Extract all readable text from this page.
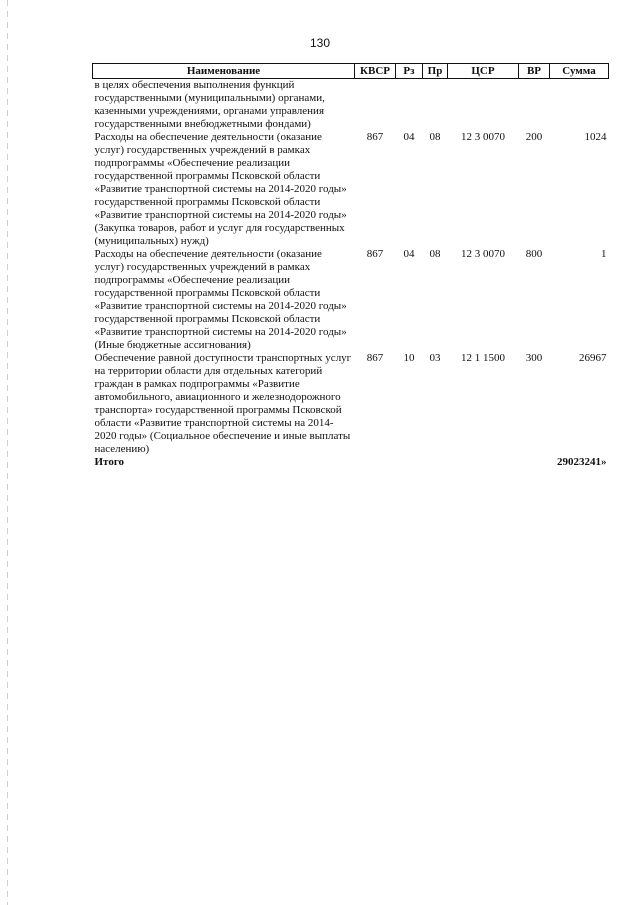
130
Наименование	КВСР	Рз	Пр	ЦСР	ВР	Сумма
в целях обеспечения выполнения функций государственными (муниципальными) органами, казенными учреждениями, органами управления государственными внебюджетными фондами)						
Расходы на обеспечение деятельности (оказание услуг) государственных учреждений в рамках подпрограммы «Обеспечение реализации государственной программы Псковской области «Развитие транспортной системы на 2014-2020 годы» государственной программы Псковской области «Развитие транспортной системы на 2014-2020 годы» (Закупка товаров, работ и услуг для государственных (муниципальных) нужд)	867	04	08	12 3 0070	200	1024
Расходы на обеспечение деятельности (оказание услуг) государственных учреждений в рамках подпрограммы «Обеспечение реализации государственной программы Псковской области «Развитие транспортной системы на 2014-2020 годы» государственной программы Псковской области «Развитие транспортной системы на 2014-2020 годы» (Иные бюджетные ассигнования)	867	04	08	12 3 0070	800	1
Обеспечение равной доступности транспортных услуг на территории области для отдельных категорий граждан в рамках подпрограммы «Развитие автомобильного, авиационного и железнодорожного транспорта» государственной программы Псковской области «Развитие транспортной системы на 2014-2020 годы» (Социальное обеспечение и иные выплаты населению)	867	10	03	12 1 1500	300	26967
Итого						29023241»
